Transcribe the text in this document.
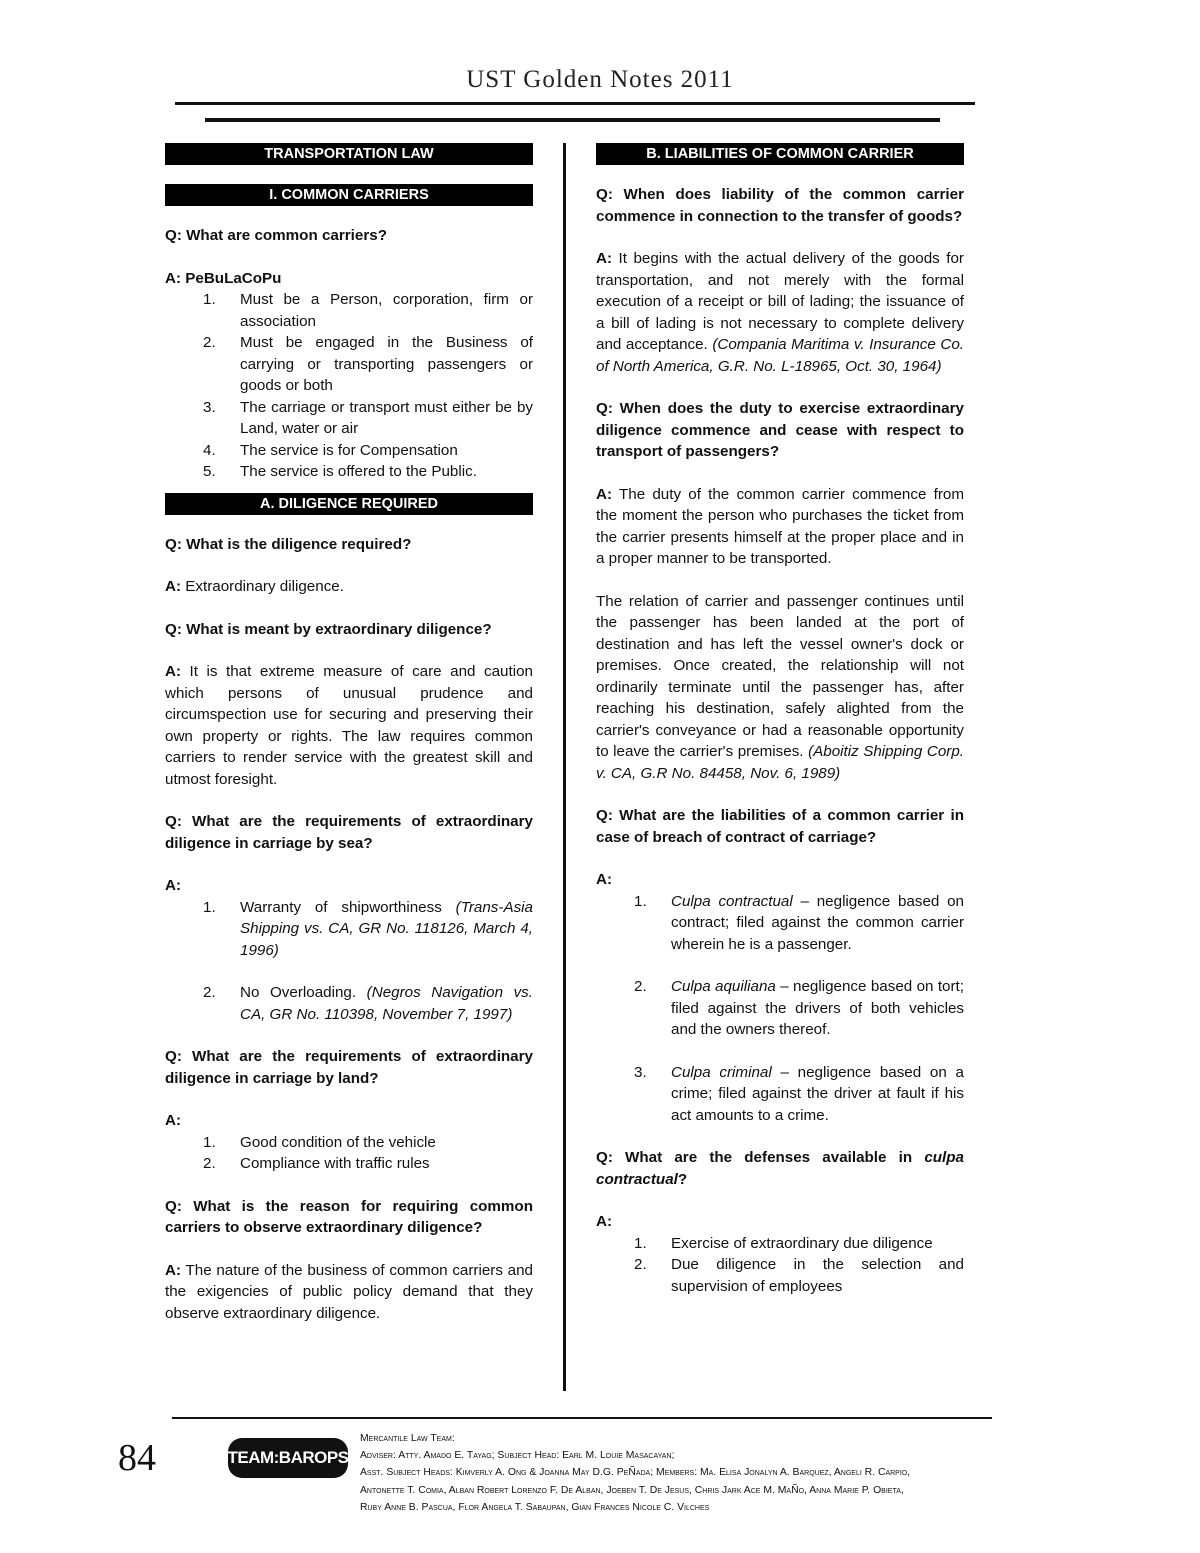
UST Golden Notes 2011
TRANSPORTATION LAW
I. COMMON CARRIERS
Q: What are common carriers?
A: PeBuLaCoPu
1. Must be a Person, corporation, firm or association
2. Must be engaged in the Business of carrying or transporting passengers or goods or both
3. The carriage or transport must either be by Land, water or air
4. The service is for Compensation
5. The service is offered to the Public.
A. DILIGENCE REQUIRED
Q: What is the diligence required?
A: Extraordinary diligence.
Q: What is meant by extraordinary diligence?
A: It is that extreme measure of care and caution which persons of unusual prudence and circumspection use for securing and preserving their own property or rights. The law requires common carriers to render service with the greatest skill and utmost foresight.
Q: What are the requirements of extraordinary diligence in carriage by sea?
A:
1. Warranty of shipworthiness (Trans-Asia Shipping vs. CA, GR No. 118126, March 4, 1996)
2. No Overloading. (Negros Navigation vs. CA, GR No. 110398, November 7, 1997)
Q: What are the requirements of extraordinary diligence in carriage by land?
A:
1. Good condition of the vehicle
2. Compliance with traffic rules
Q: What is the reason for requiring common carriers to observe extraordinary diligence?
A: The nature of the business of common carriers and the exigencies of public policy demand that they observe extraordinary diligence.
B. LIABILITIES OF COMMON CARRIER
Q: When does liability of the common carrier commence in connection to the transfer of goods?
A: It begins with the actual delivery of the goods for transportation, and not merely with the formal execution of a receipt or bill of lading; the issuance of a bill of lading is not necessary to complete delivery and acceptance. (Compania Maritima v. Insurance Co. of North America, G.R. No. L-18965, Oct. 30, 1964)
Q: When does the duty to exercise extraordinary diligence commence and cease with respect to transport of passengers?
A: The duty of the common carrier commence from the moment the person who purchases the ticket from the carrier presents himself at the proper place and in a proper manner to be transported.
The relation of carrier and passenger continues until the passenger has been landed at the port of destination and has left the vessel owner's dock or premises. Once created, the relationship will not ordinarily terminate until the passenger has, after reaching his destination, safely alighted from the carrier's conveyance or had a reasonable opportunity to leave the carrier's premises. (Aboitiz Shipping Corp. v. CA, G.R No. 84458, Nov. 6, 1989)
Q: What are the liabilities of a common carrier in case of breach of contract of carriage?
A:
1. Culpa contractual – negligence based on contract; filed against the common carrier wherein he is a passenger.
2. Culpa aquiliana – negligence based on tort; filed against the drivers of both vehicles and the owners thereof.
3. Culpa criminal – negligence based on a crime; filed against the driver at fault if his act amounts to a crime.
Q: What are the defenses available in culpa contractual?
A:
1. Exercise of extraordinary due diligence
2. Due diligence in the selection and supervision of employees
84	TEAM:BAROPS
Mercantile Law Team:
Adviser: Atty. Amado E. Tayag; Subject Head: Earl M. Louie Masacayan;
Asst. Subject Heads: Kimverly A. Ong & Joanna May D.G. PeÑada; Members: Ma. Elisa Jonalyn A. Barquez, Angeli R. Carpio,
Antonette T. Comia, Alban Robert Lorenzo F. De Alban, Joeben T. De Jesus, Chris Jark Ace M. MaÑo, Anna Marie P. Obieta,
Ruby Anne B. Pascua, Flor Angela T. Sabaupan, Gian Frances Nicole C. Vilches
